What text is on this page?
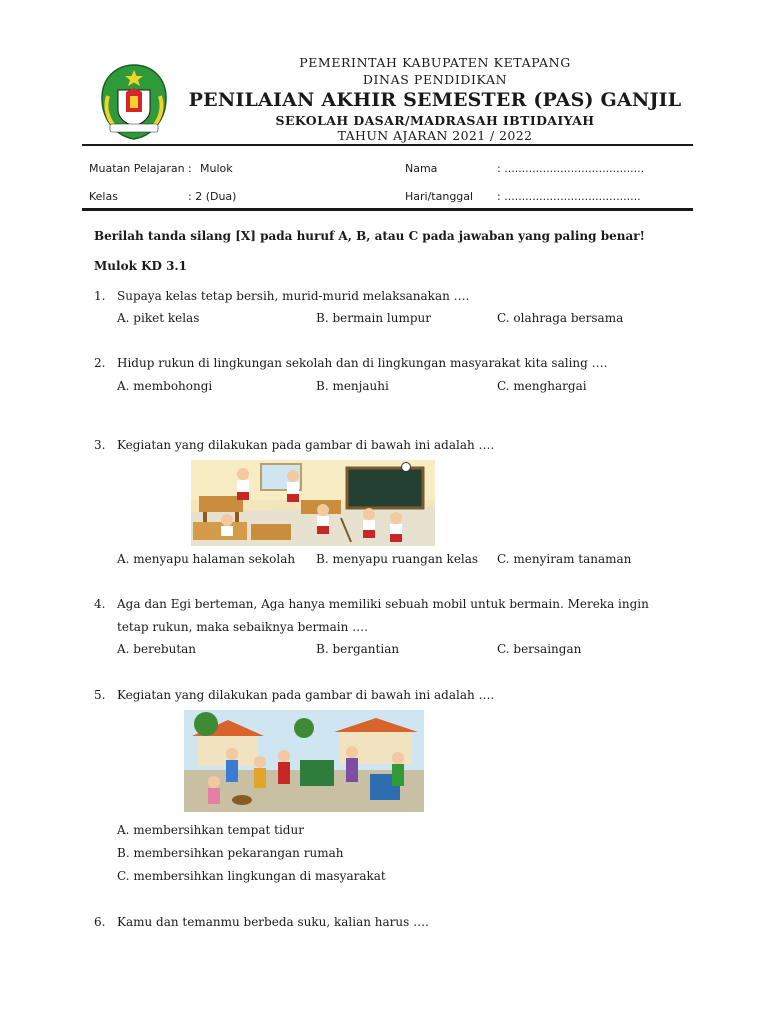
PEMERINTAH KABUPATEN KETAPANG
DINAS PENDIDIKAN
PENILAIAN AKHIR SEMESTER (PAS) GANJIL
SEKOLAH DASAR/MADRASAH IBTIDAIYAH
TAHUN AJARAN 2021 / 2022
Muatan Pelajaran : Mulok	Nama	: ........................................
Kelas	: 2 (Dua)	Hari/tanggal : .......................................
Berilah tanda silang [X] pada huruf A, B, atau C pada jawaban yang paling benar!
Mulok KD 3.1
1. Supaya kelas tetap bersih, murid-murid melaksanakan ….
A. piket kelas	B. bermain lumpur	C. olahraga bersama
2. Hidup rukun di lingkungan sekolah dan di lingkungan masyarakat kita saling ….
A. membohongi	B. menjauhi	C. menghargai
3. Kegiatan yang dilakukan pada gambar di bawah ini adalah ….
A. menyapu halaman sekolah B. menyapu ruangan kelas C. menyiram tanaman
4. Aga dan Egi berteman, Aga hanya memiliki sebuah mobil untuk bermain. Mereka ingin
tetap rukun, maka sebaiknya bermain ….
A. berebutan	B. bergantian	C. bersaingan
5. Kegiatan yang dilakukan pada gambar di bawah ini adalah ….
A. membersihkan tempat tidur
B. membersihkan pekarangan rumah
C. membersihkan lingkungan di masyarakat
6. Kamu dan temanmu berbeda suku, kalian harus ….
